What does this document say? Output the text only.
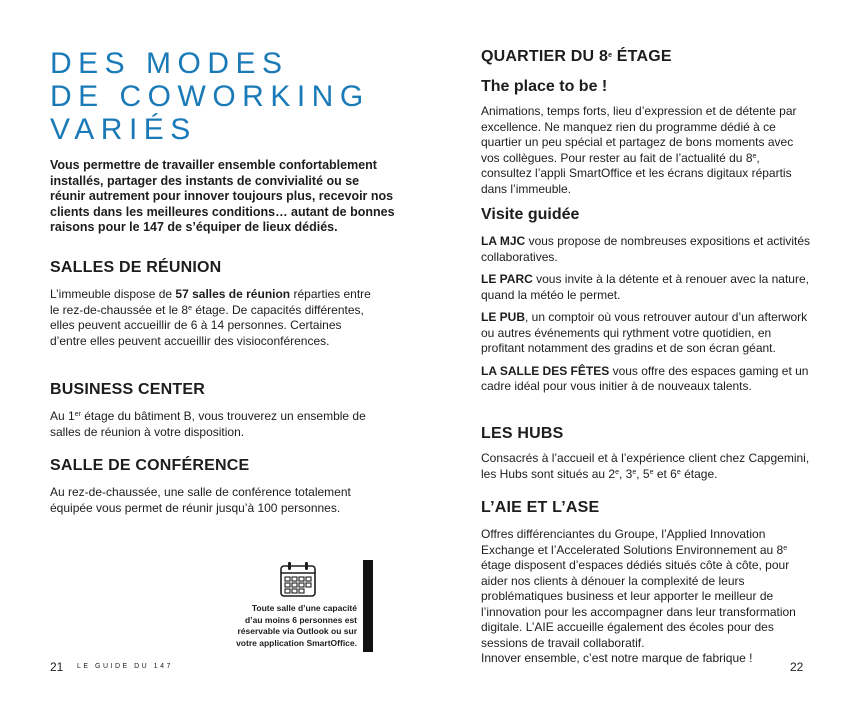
DES MODES
DE COWORKING
VARIÉS

Vous permettre de travailler ensemble confortablement installés, partager des instants de convivialité ou se réunir autrement pour innover toujours plus, recevoir nos clients dans les meilleures conditions… autant de bonnes raisons pour le 147 de s’équiper de lieux dédiés.

SALLES DE RÉUNION

L’immeuble dispose de 57 salles de réunion réparties entre le rez-de-chaussée et le 8e étage. De capacités différentes, elles peuvent accueillir de 6 à 14 personnes. Certaines d’entre elles peuvent accueillir des visioconférences.

BUSINESS CENTER

Au 1er étage du bâtiment B, vous trouverez un ensemble de salles de réunion à votre disposition.

SALLE DE CONFÉRENCE

Au rez-de-chaussée, une salle de conférence totalement équipée vous permet de réunir jusqu’à 100 personnes.

Toute salle d’une capacité
d’au moins 6 personnes est
réservable via Outlook ou sur
votre application SmartOffice.
21 LE GUIDE DU 147
QUARTIER DU 8e ÉTAGE
The place to be !

Animations, temps forts, lieu d’expression et de détente par excellence. Ne manquez rien du programme dédié à ce quartier un peu spécial et partagez de bons moments avec vos collègues. Pour rester au fait de l’actualité du 8e, consultez l’appli SmartOffice et les écrans digitaux répartis dans l’immeuble.

Visite guidée

LA MJC vous propose de nombreuses expositions et activités collaboratives.

LE PARC vous invite à la détente et à renouer avec la nature, quand la météo le permet.

LE PUB, un comptoir où vous retrouver autour d’un afterwork ou autres événements qui rythment votre quotidien, en profitant notamment des gradins et de son écran géant.

LA SALLE DES FÊTES vous offre des espaces gaming et un cadre idéal pour vous initier à de nouveaux talents.

LES HUBS

Consacrés à l’accueil et à l’expérience client chez Capgemini, les Hubs sont situés au 2e, 3e, 5e et 6e étage.

L’AIE ET L’ASE

Offres différenciantes du Groupe, l’Applied Innovation Exchange et l’Accelerated Solutions Environnement au 8e étage disposent d’espaces dédiés situés côte à côte, pour aider nos clients à dénouer la complexité de leurs problématiques business et leur apporter le meilleur de l’innovation pour les accompagner dans leur transformation digitale. L’AIE accueille également des écoles pour des sessions de travail collaboratif.

Innover ensemble, c’est notre marque de fabrique !

22
